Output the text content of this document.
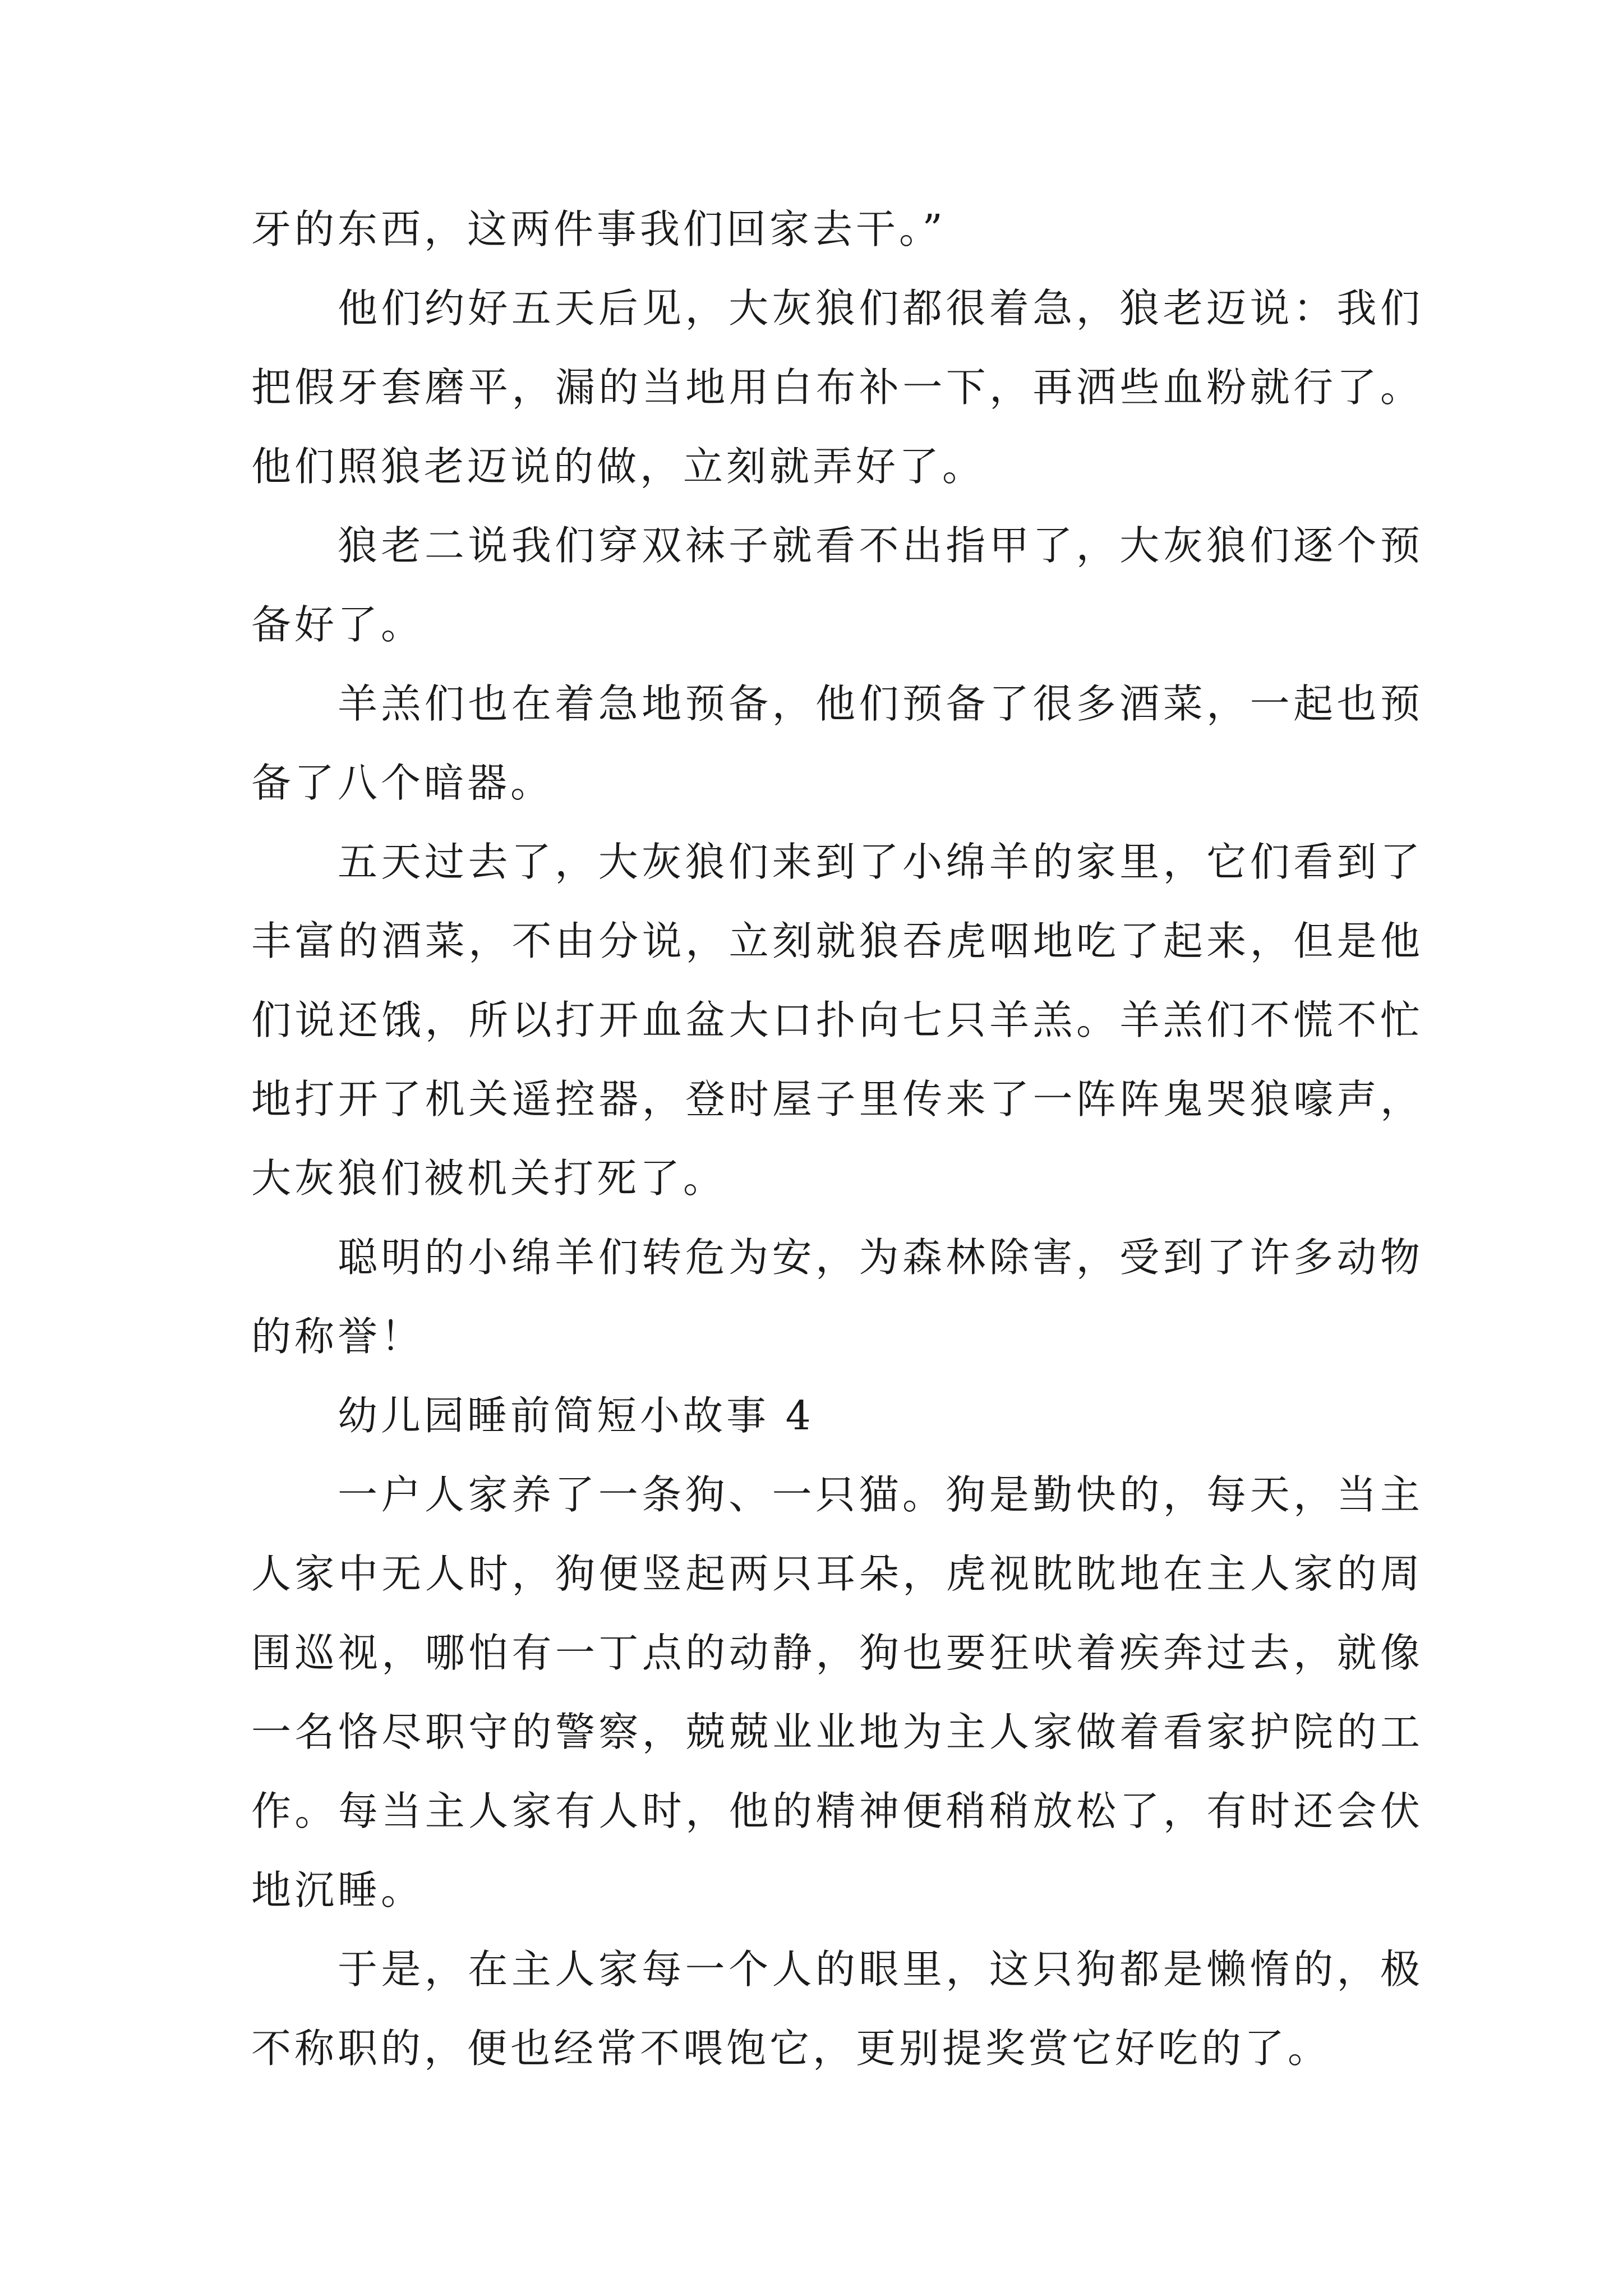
牙的东西，这两件事我们回家去干。”

他们约好五天后见，大灰狼们都很着急，狼老迈说：我们把假牙套磨平，漏的当地用白布补一下，再洒些血粉就行了。他们照狼老迈说的做，立刻就弄好了。

狼老二说我们穿双袜子就看不出指甲了，大灰狼们逐个预备好了。

羊羔们也在着急地预备，他们预备了很多酒菜，一起也预备了八个暗器。

五天过去了，大灰狼们来到了小绵羊的家里，它们看到了丰富的酒菜，不由分说，立刻就狼吞虎咽地吃了起来，但是他们说还饿，所以打开血盆大口扑向七只羊羔。羊羔们不慌不忙地打开了机关遥控器，登时屋子里传来了一阵阵鬼哭狼嚎声，大灰狼们被机关打死了。

聪明的小绵羊们转危为安，为森林除害，受到了许多动物的称誉！

幼儿园睡前简短小故事 4

一户人家养了一条狗、一只猫。狗是勤快的，每天，当主人家中无人时，狗便竖起两只耳朵，虎视眈眈地在主人家的周围巡视，哪怕有一丁点的动静，狗也要狂吠着疾奔过去，就像一名恪尽职守的警察，兢兢业业地为主人家做着看家护院的工作。每当主人家有人时，他的精神便稍稍放松了，有时还会伏地沉睡。

于是，在主人家每一个人的眼里，这只狗都是懒惰的，极不称职的，便也经常不喂饱它，更别提奖赏它好吃的了。
